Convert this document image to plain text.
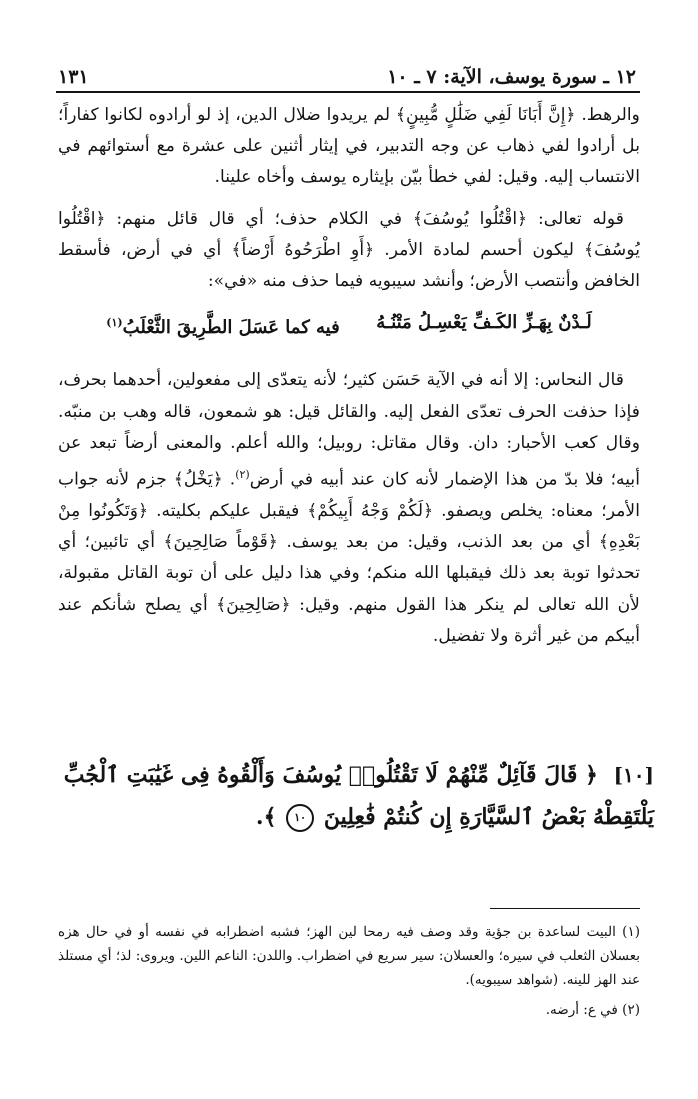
١٢ ـ سورة يوسف، الآية: ٧ ـ ١٠
١٣١

والرهط. ﴿إِنَّ أَبَانَا لَفِي ضَلَٰلٍ مُّبِينٍ﴾ لم يريدوا ضلال الدين، إذ لو أرادوه لكانوا كفاراً؛ بل أرادوا لفي ذهاب عن وجه التدبير، في إيثار أثنين على عشرة مع أستوائهم في الانتساب إليه. وقيل: لفي خطأ بيّن بإيثاره يوسف وأخاه علينا.

قوله تعالى: ﴿اقْتُلُوا يُوسُفَ﴾ في الكلام حذف؛ أي قال قائل منهم: ﴿اقْتُلُوا يُوسُفَ﴾ ليكون أحسم لمادة الأمر. ﴿أَوِ اطْرَحُوهُ أَرْضاً﴾ أي في أرض، فأسقط الخافض وأنتصب الأرض؛ وأنشد سيبويه فيما حذف منه «في»:

لَـدْنٌ بِهَـزِّ الكَـفِّ يَعْسِـلُ مَتْنُـهُ
فيه كما عَسَلَ الطَّرِيقَ الثَّعْلَبُ$^{(١)}$

قال النحاس: إلا أنه في الآية حَسَن كثير؛ لأنه يتعدّى إلى مفعولين، أحدهما بحرف، فإذا حذفت الحرف تعدّى الفعل إليه. والقائل قيل: هو شمعون، قاله وهب بن منبّه. وقال كعب الأحبار: دان. وقال مقاتل: روبيل؛ والله أعلم. والمعنى أرضاً تبعد عن أبيه؛ فلا بدّ من هذا الإضمار لأنه كان عند أبيه في أرض$^{(٢)}$. ﴿يَخْلُ﴾ جزم لأنه جواب الأمر؛ معناه: يخلص ويصفو. ﴿لَكُمْ وَجْهُ أَبِيكُمْ﴾ فيقبل عليكم بكليته. ﴿وَتَكُونُوا مِنْ بَعْدِهِ﴾ أي من بعد الذنب، وقيل: من بعد يوسف. ﴿قَوْماً صَالِحِينَ﴾ أي تائبين؛ أي تحدثوا توبة بعد ذلك فيقبلها الله منكم؛ وفي هذا دليل على أن توبة القاتل مقبولة، لأن الله تعالى لم ينكر هذا القول منهم. وقيل: ﴿صَالِحِينَ﴾ أي يصلح شأنكم عند أبيكم من غير أثرة ولا تفضيل.

[١٠] ﴿ قَالَ قَآئِلٌ مِّنْهُمْ لَا تَقْتُلُوا۟ يُوسُفَ وَأَلْقُوهُ فِى غَيَٰبَتِ ٱلْجُبِّ يَلْتَقِطْهُ بَعْضُ ٱلسَّيَّارَةِ إِن كُنتُمْ فَٰعِلِينَ ١٠ ﴾.

(١) البيت لساعدة بن جؤية وقد وصف فيه رمحا لين الهز؛ فشبه اضطرابه في نفسه أو في حال هزه بعسلان الثعلب في سيره؛ والعسلان: سير سريع في اضطراب. واللدن: الناعم اللين. ويروى: لذ؛ أي مستلذ عند الهز للينه. (شواهد سيبويه).

(٢) في ع: أرضه.
